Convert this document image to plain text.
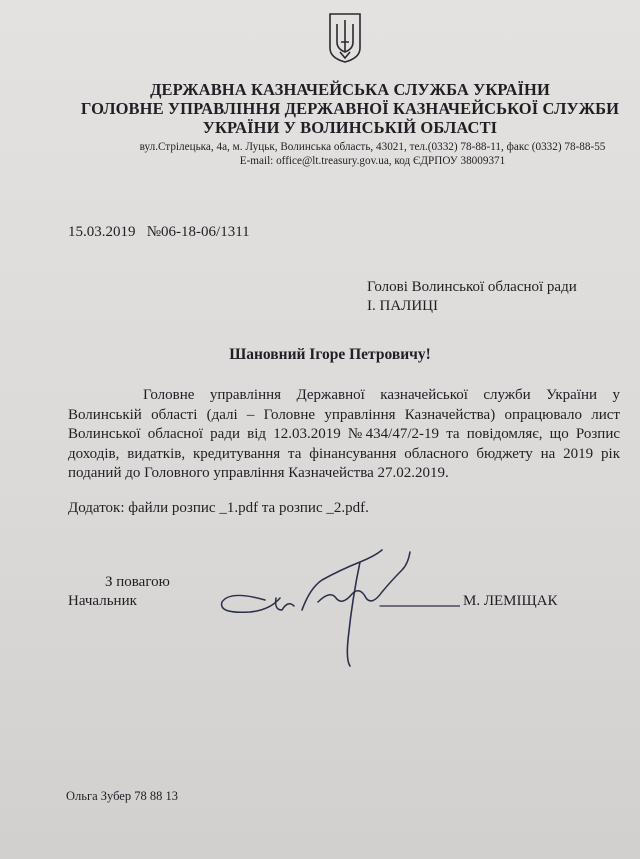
ДЕРЖАВНА КАЗНАЧЕЙСЬКА СЛУЖБА УКРАЇНИ

ГОЛОВНЕ УПРАВЛІННЯ ДЕРЖАВНОЇ КАЗНАЧЕЙСЬКОЇ СЛУЖБИ

УКРАЇНИ У ВОЛИНСЬКІЙ ОБЛАСТІ

вул.Стрілецька, 4а, м. Луцьк, Волинська область, 43021, тел.(0332) 78-88-11, факс (0332) 78-88-55

E-mail: office@lt.treasury.gov.ua, код ЄДРПОУ 38009371

15.03.2019   №06-18-06/1311
Голові Волинської обласної ради
І. ПАЛИЦІ
Шановний Ігоре Петровичу!
Головне управління Державної казначейської служби України у Волинській області (далі – Головне управління Казначейства) опрацювало лист Волинської обласної ради від 12.03.2019 №434/47/2-19 та повідомляє, що Розпис доходів, видатків, кредитування та фінансування обласного бюджету на 2019 рік поданий до Головного управління Казначейства 27.02.2019.
Додаток: файли розпис _1.pdf та розпис _2.pdf.
З повагою
Начальник	М. ЛЕМІЩАК
Ольга Зубер 78 88 13
